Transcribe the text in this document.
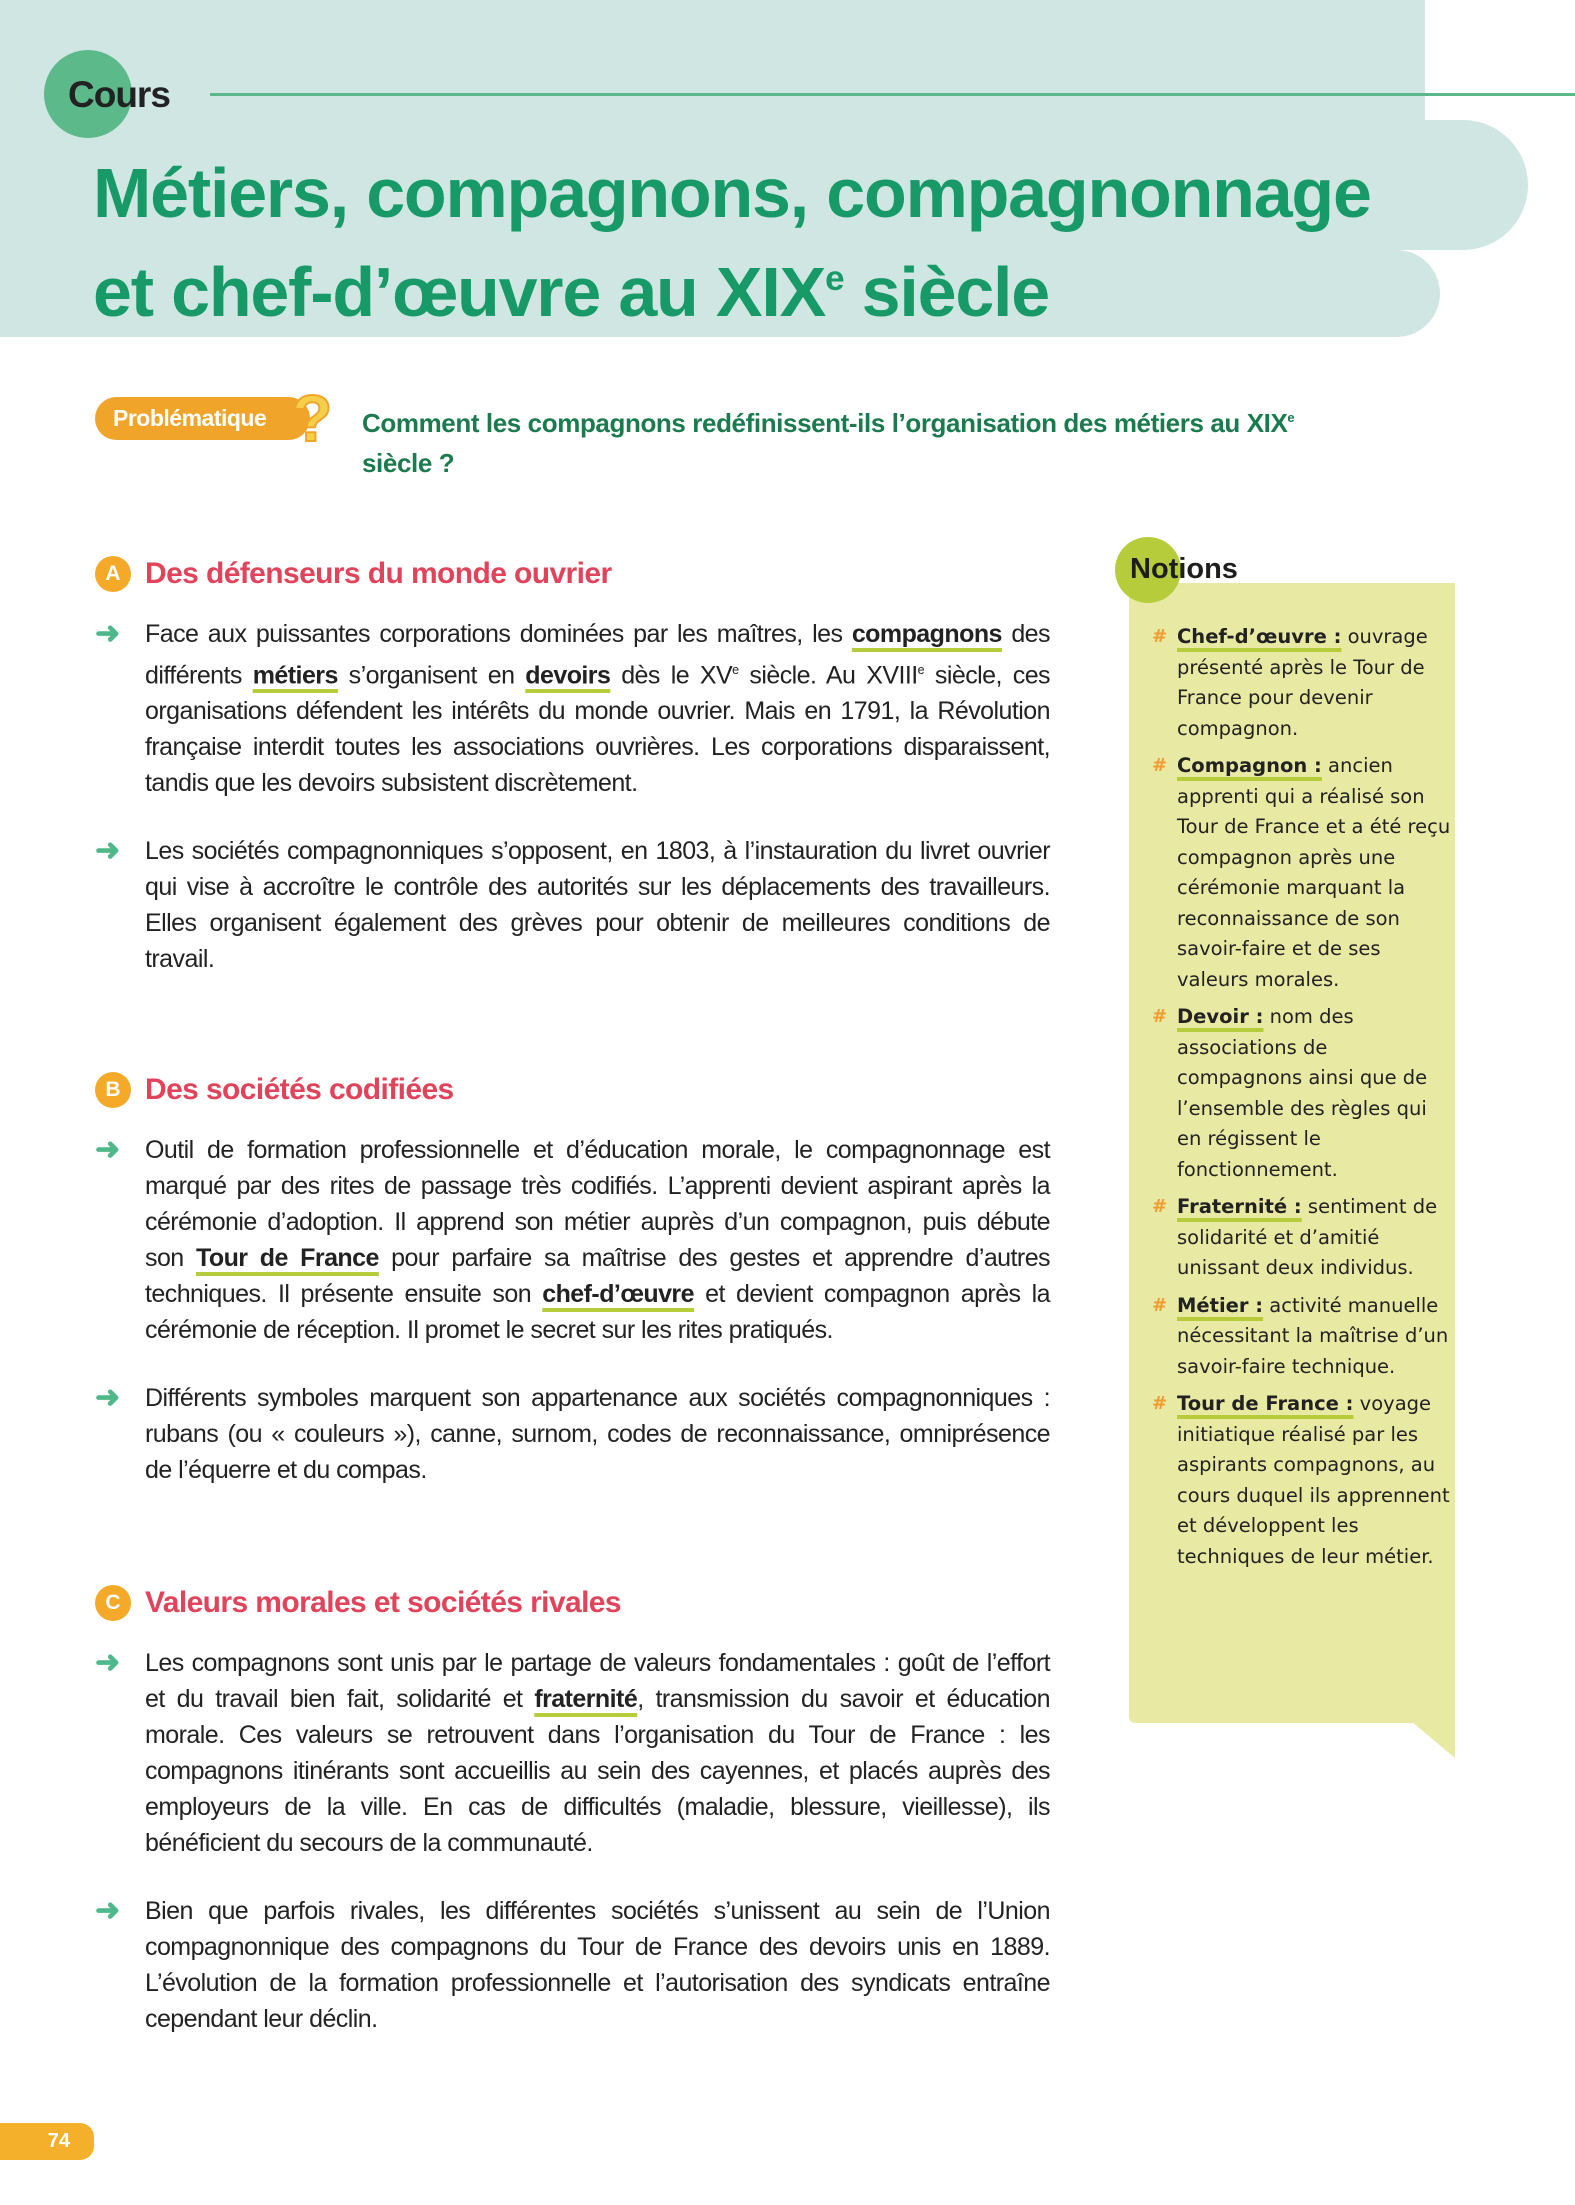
Cours
Métiers, compagnons, compagnonnage
et chef-d’œuvre au XIXe siècle
Problématique ?	Comment les compagnons redéfinissent-ils l’organisation des métiers au XIXe siècle ?
A Des défenseurs du monde ouvrier

➜ Face aux puissantes corporations dominées par les maîtres, les compagnons des différents métiers s’organisent en devoirs dès le XVe siècle. Au XVIIIe siècle, ces organisations défendent les intérêts du monde ouvrier. Mais en 1791, la Révolution française interdit toutes les associations ouvrières. Les corporations disparaissent, tandis que les devoirs subsistent discrètement.

➜ Les sociétés compagnonniques s’opposent, en 1803, à l’instauration du livret ouvrier qui vise à accroître le contrôle des autorités sur les déplacements des travailleurs. Elles organisent également des grèves pour obtenir de meilleures conditions de travail.

B Des sociétés codifiées

➜ Outil de formation professionnelle et d’éducation morale, le compagnonnage est marqué par des rites de passage très codifiés. L’apprenti devient aspirant après la cérémonie d’adoption. Il apprend son métier auprès d’un compagnon, puis débute son Tour de France pour parfaire sa maîtrise des gestes et apprendre d’autres techniques. Il présente ensuite son chef-d’œuvre et devient compagnon après la cérémonie de réception. Il promet le secret sur les rites pratiqués.

➜ Différents symboles marquent son appartenance aux sociétés compagnonniques : rubans (ou « couleurs »), canne, surnom, codes de reconnaissance, omniprésence de l’équerre et du compas.

C Valeurs morales et sociétés rivales

➜ Les compagnons sont unis par le partage de valeurs fondamentales : goût de l’effort et du travail bien fait, solidarité et fraternité, transmission du savoir et éducation morale. Ces valeurs se retrouvent dans l’organisation du Tour de France : les compagnons itinérants sont accueillis au sein des cayennes, et placés auprès des employeurs de la ville. En cas de difficultés (maladie, blessure, vieillesse), ils bénéficient du secours de la communauté.

➜ Bien que parfois rivales, les différentes sociétés s’unissent au sein de l’Union compagnonnique des compagnons du Tour de France des devoirs unis en 1889. L’évolution de la formation professionnelle et l’autorisation des syndicats entraîne cependant leur déclin.

Notions
# Chef-d’œuvre : ouvrage présenté après le Tour de France pour devenir compagnon.
# Compagnon : ancien apprenti qui a réalisé son Tour de France et a été reçu compagnon après une cérémonie marquant la reconnaissance de son savoir-faire et de ses valeurs morales.
# Devoir : nom des associations de compagnons ainsi que de l’ensemble des règles qui en régissent le fonctionnement.
# Fraternité : sentiment de solidarité et d’amitié unissant deux individus.
# Métier : activité manuelle nécessitant la maîtrise d’un savoir-faire technique.
# Tour de France : voyage initiatique réalisé par les aspirants compagnons, au cours duquel ils apprennent et développent les techniques de leur métier.
74
